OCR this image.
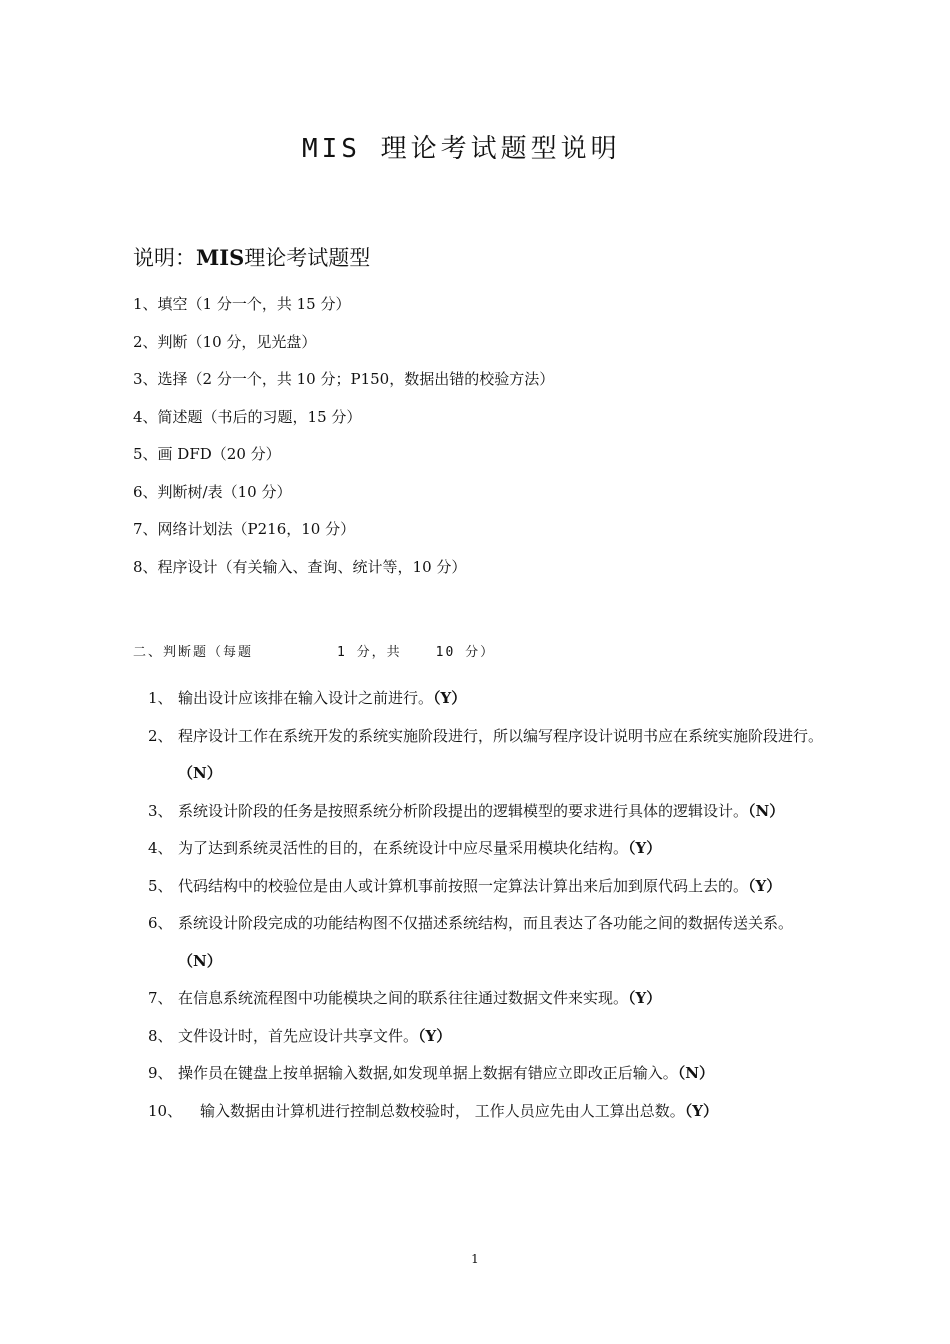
MIS 理论考试题型说明
说明：MIS理论考试题型
1、填空（1 分一个，共 15 分）
2、判断（10 分，见光盘）
3、选择（2 分一个，共 10 分；P150，数据出错的校验方法）
4、简述题（书后的习题，15 分）
5、画 DFD（20 分）
6、判断树/表（10 分）
7、网络计划法（P216，10 分）
8、程序设计（有关输入、查询、统计等，10 分）
二、判断题（每题	1 分，共	10 分）
1、 输出设计应该排在输入设计之前进行。（Y）
2、 程序设计工作在系统开发的系统实施阶段进行，所以编写程序设计说明书应在系统实施阶段进行。（N）
3、 系统设计阶段的任务是按照系统分析阶段提出的逻辑模型的要求进行具体的逻辑设计。（N）
4、 为了达到系统灵活性的目的，在系统设计中应尽量采用模块化结构。（Y）
5、 代码结构中的校验位是由人或计算机事前按照一定算法计算出来后加到原代码上去的。（Y）
6、 系统设计阶段完成的功能结构图不仅描述系统结构，而且表达了各功能之间的数据传送关系。（N）
7、 在信息系统流程图中功能模块之间的联系往往通过数据文件来实现。（Y）
8、 文件设计时，首先应设计共享文件。（Y）
9、 操作员在键盘上按单据输入数据,如发现单据上数据有错应立即改正后输入。（N）
10、 输入数据由计算机进行控制总数校验时， 工作人员应先由人工算出总数。（Y）
1
